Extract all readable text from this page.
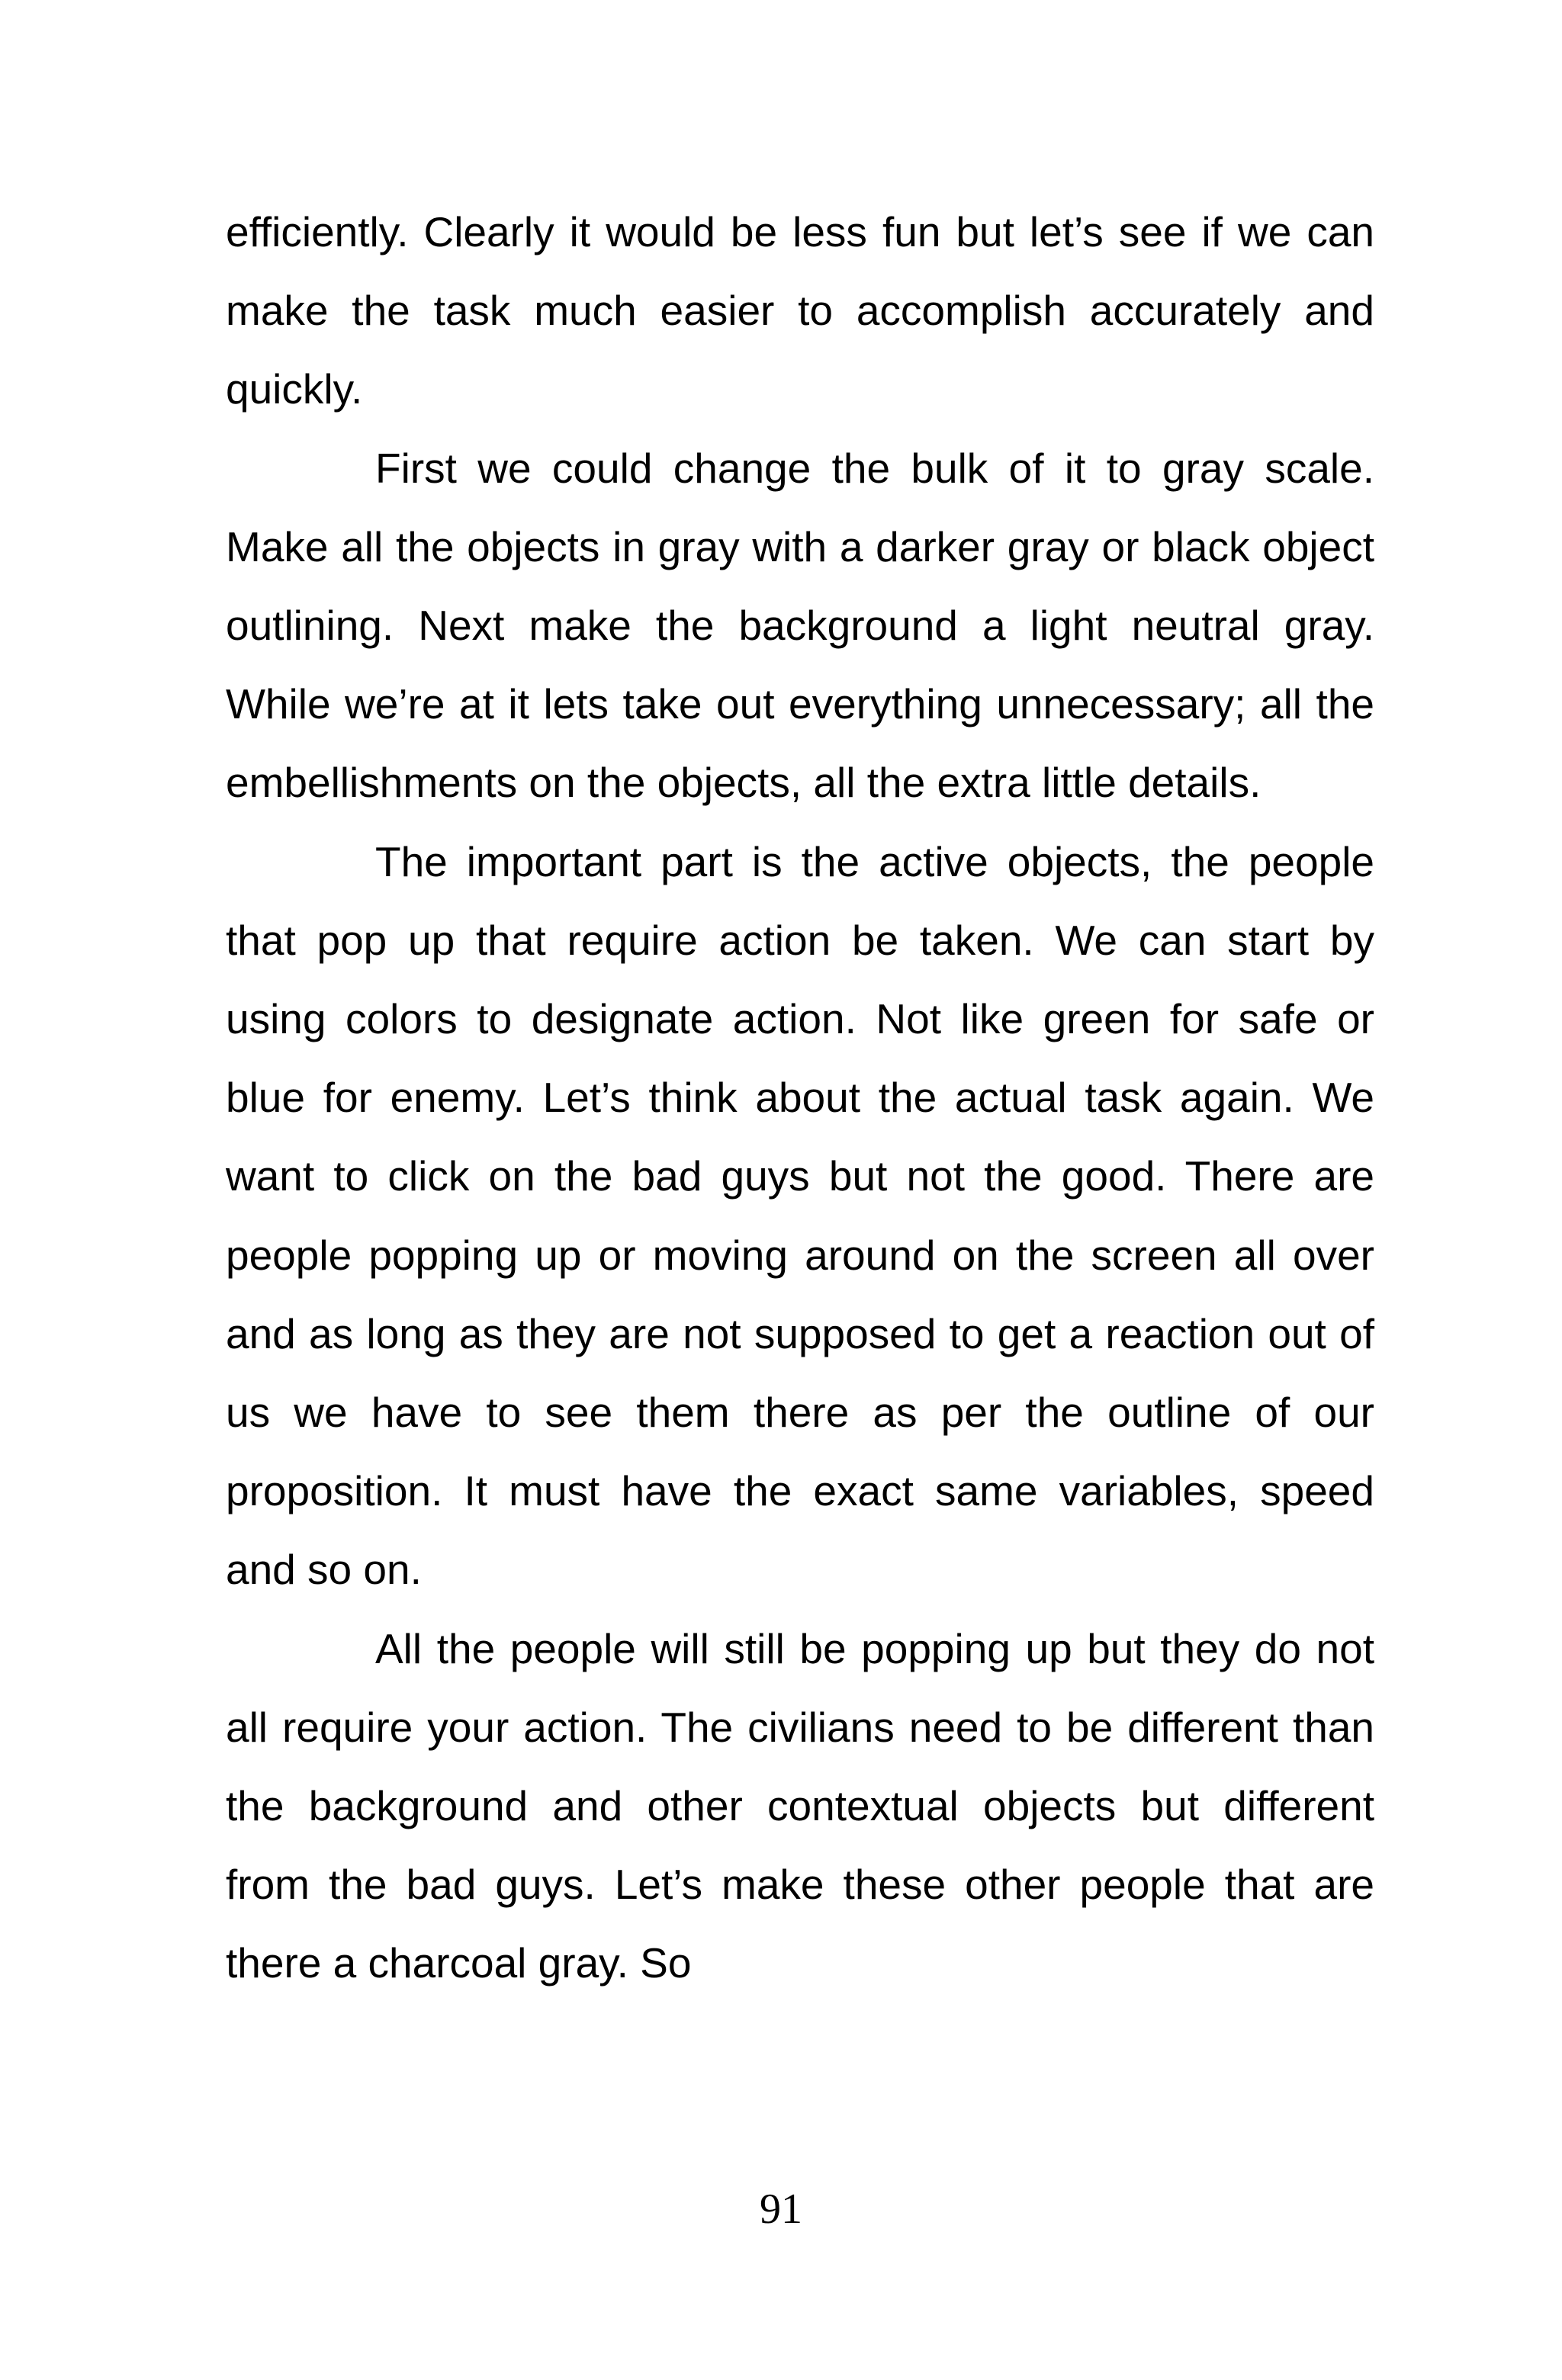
efficiently. Clearly it would be less fun but let’s see if we can make the task much easier to accomplish accurately and quickly.

First we could change the bulk of it to gray scale. Make all the objects in gray with a darker gray or black object outlining. Next make the background a light neutral gray. While we’re at it lets take out everything unnecessary; all the embellishments on the objects, all the extra little details.

The important part is the active objects, the people that pop up that require action be taken. We can start by using colors to designate action. Not like green for safe or blue for enemy. Let’s think about the actual task again. We want to click on the bad guys but not the good. There are people popping up or moving around on the screen all over and as long as they are not supposed to get a reaction out of us we have to see them there as per the outline of our proposition. It must have the exact same variables, speed and so on.

All the people will still be popping up but they do not all require your action. The civilians need to be different than the background and other contextual objects but different from the bad guys. Let’s make these other people that are there a charcoal gray. So

91
